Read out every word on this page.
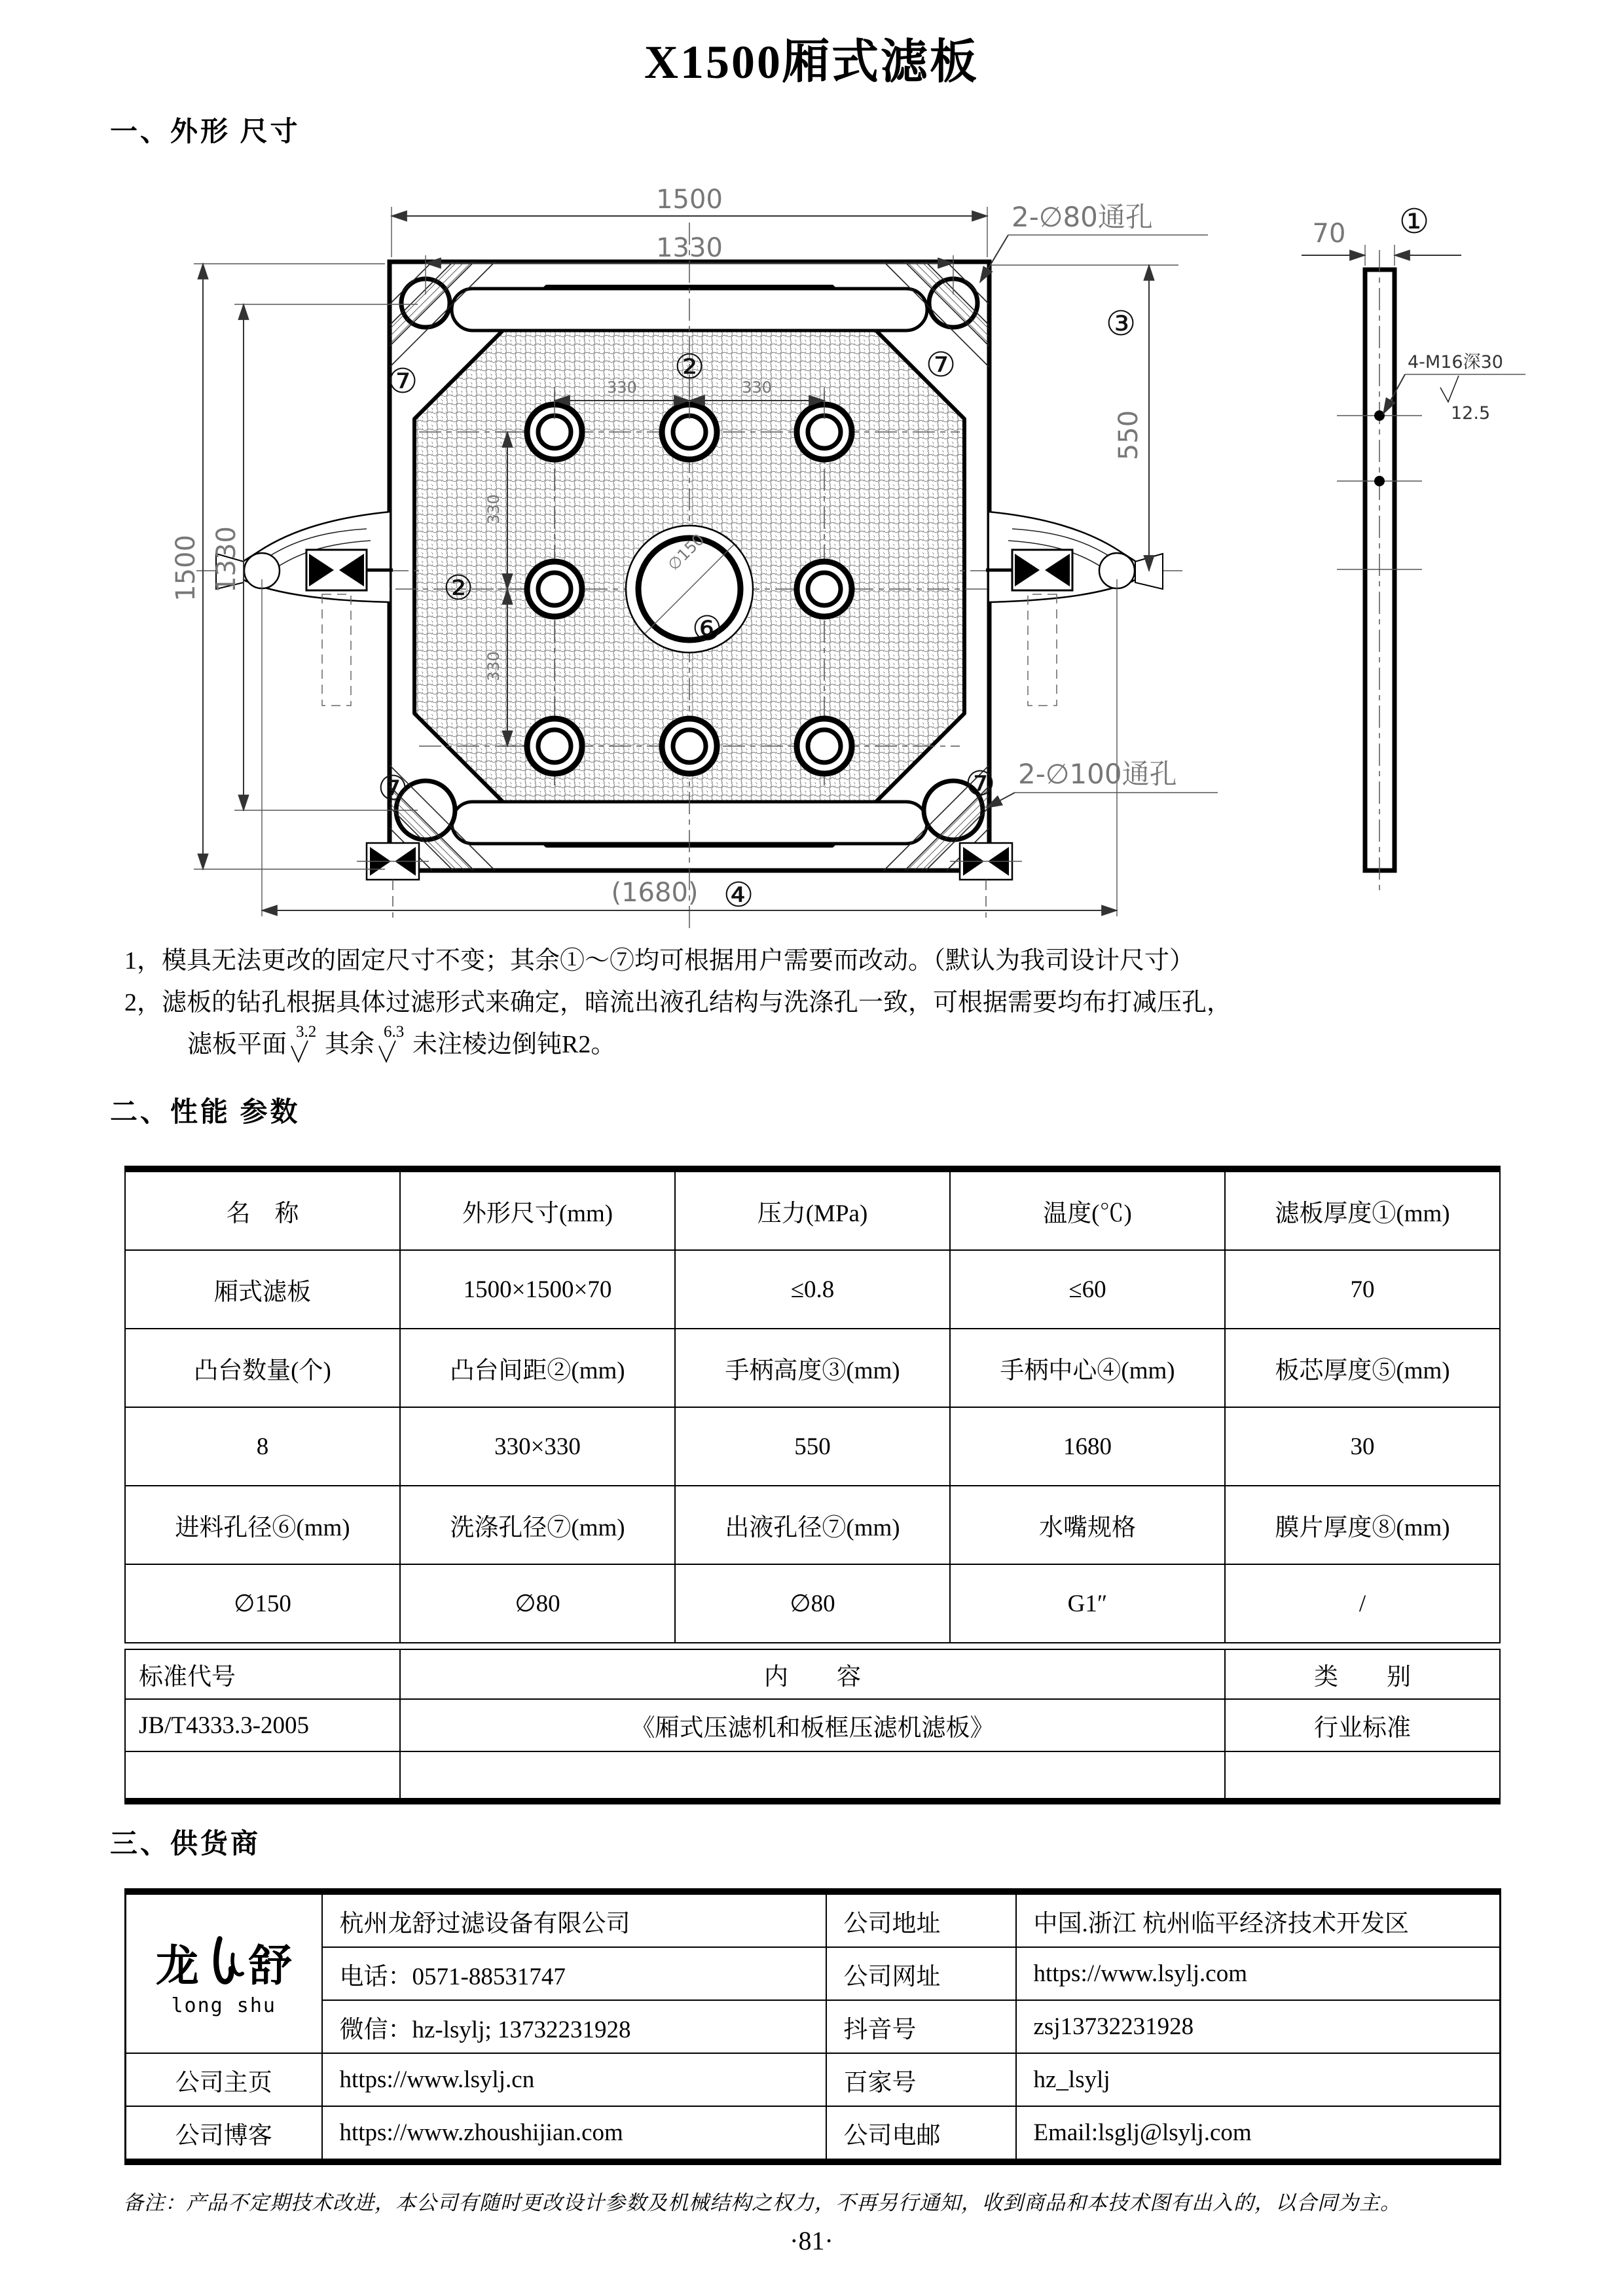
X1500厢式滤板
一、外形 尺寸
∅150
⑥
1500
1330
1500 1330
550
③
(1680) ④
330	330
②
330
330
②
2-∅80通孔
2-∅100通孔
⑦	⑦
⑦	⑦
70 ①
4-M16深30
12.5
1，模具无法更改的固定尺寸不变；其余①～⑦均可根据用户需要而改动。（默认为我司设计尺寸）
2，滤板的钻孔根据具体过滤形式来确定，暗流出液孔结构与洗涤孔一致，可根据需要均布打减压孔，
滤板平面 3.2 其余 6.3 未注棱边倒钝R2。
二、性能 参数
名　称	外形尺寸(mm)	压力(MPa)	温度(℃)	滤板厚度①(mm)
厢式滤板	1500×1500×70	≤0.8	≤60	70
凸台数量(个)	凸台间距②(mm)	手柄高度③(mm)	手柄中心④(mm)	板芯厚度⑤(mm)
8	330×330	550	1680	30
进料孔径⑥(mm)	洗涤孔径⑦(mm)	出液孔径⑦(mm)	水嘴规格	膜片厚度⑧(mm)
∅150	∅80	∅80	G1″	/
标准代号	内　　容	类　　别
JB/T4333.3-2005	《厢式压滤机和板框压滤机滤板》	行业标准

三、供货商
龙 舒
long shu	杭州龙舒过滤设备有限公司	公司地址	中国.浙江 杭州临平经济技术开发区
	电话：0571-88531747	公司网址	https://www.lsylj.com
	微信：hz-lsylj; 13732231928	抖音号	zsj13732231928
公司主页	https://www.lsylj.cn	百家号	hz_lsylj
公司博客	https://www.zhoushijian.com	公司电邮	Email:lsglj@lsylj.com
备注：产品不定期技术改进，本公司有随时更改设计参数及机械结构之权力，不再另行通知，收到商品和本技术图有出入的，以合同为主。
·81·
